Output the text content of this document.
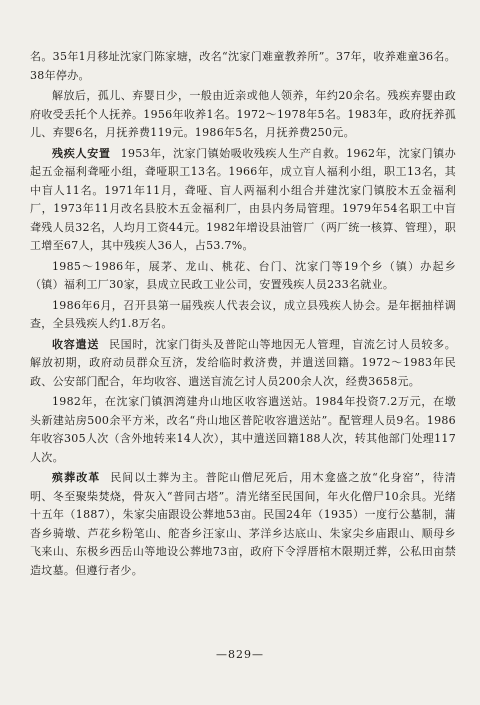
名。35年1月移址沈家门陈家塘，改名“沈家门难童教养所”。37年，收养难童36名。38年停办。

解放后，孤儿、弃婴日少，一般由近亲或他人领养，年约20余名。残疾弃婴由政府收受丢托个人抚养。1956年收养1名。1972～1978年5名。1983年，政府抚养孤儿、弃婴6名，月抚养费119元。1986年5名，月抚养费250元。

残疾人安置 1953年，沈家门镇始吸收残疾人生产自救。1962年，沈家门镇办起五金福利聋哑小组，聋哑职工13名。1966年，成立盲人福利小组，职工13名，其中盲人11名。1971年11月，聋哑、盲人两福利小组合并建沈家门镇胶木五金福利厂，1973年11月改名县胶木五金福利厂，由县内务局管理。1979年54名职工中盲聋残人员32名，人均月工资44元。1982年增设县油管厂（两厂统一核算、管理），职工增至67人，其中残疾人36人，占53.7%。

1985～1986年，展茅、龙山、桃花、台门、沈家门等19个乡（镇）办起乡（镇）福利工厂30家，县成立民政工业公司，安置残疾人员233名就业。

1986年6月，召开县第一届残疾人代表会议，成立县残疾人协会。是年据抽样调查，全县残疾人约1.8万名。

收容遣送 民国时，沈家门街头及普陀山等地因无人管理，盲流乞讨人员较多。解放初期，政府动员群众互济，发给临时救济费，并遣送回籍。1972～1983年民政、公安部门配合，年均收容、遣送盲流乞讨人员200余人次，经费3658元。

1982年，在沈家门镇泗湾建舟山地区收容遣送站。1984年投资7.2万元，在墩头新建站房500余平方米，改名“舟山地区普陀收容遣送站”。配管理人员9名。1986年收容305人次（含外地转来14人次），其中遣送回籍188人次，转其他部门处理117人次。

殡葬改革 民间以土葬为主。普陀山僧尼死后，用木龛盛之放“化身窑”，待清明、冬至聚柴焚烧，骨灰入“普同古塔”。清光绪至民国间，年火化僧尸10余具。光绪十五年（1887），朱家尖庙跟设公葬地53亩。民国24年（1935）一度行公墓制，蒲沓乡骑墩、芦花乡粉笔山、舵沓乡汪家山、茅洋乡达底山、朱家尖乡庙跟山、顺母乡飞来山、东极乡西岳山等地设公葬地73亩，政府下令浮厝棺木限期迁葬，公私田亩禁造坟墓。但遵行者少。

—829—
